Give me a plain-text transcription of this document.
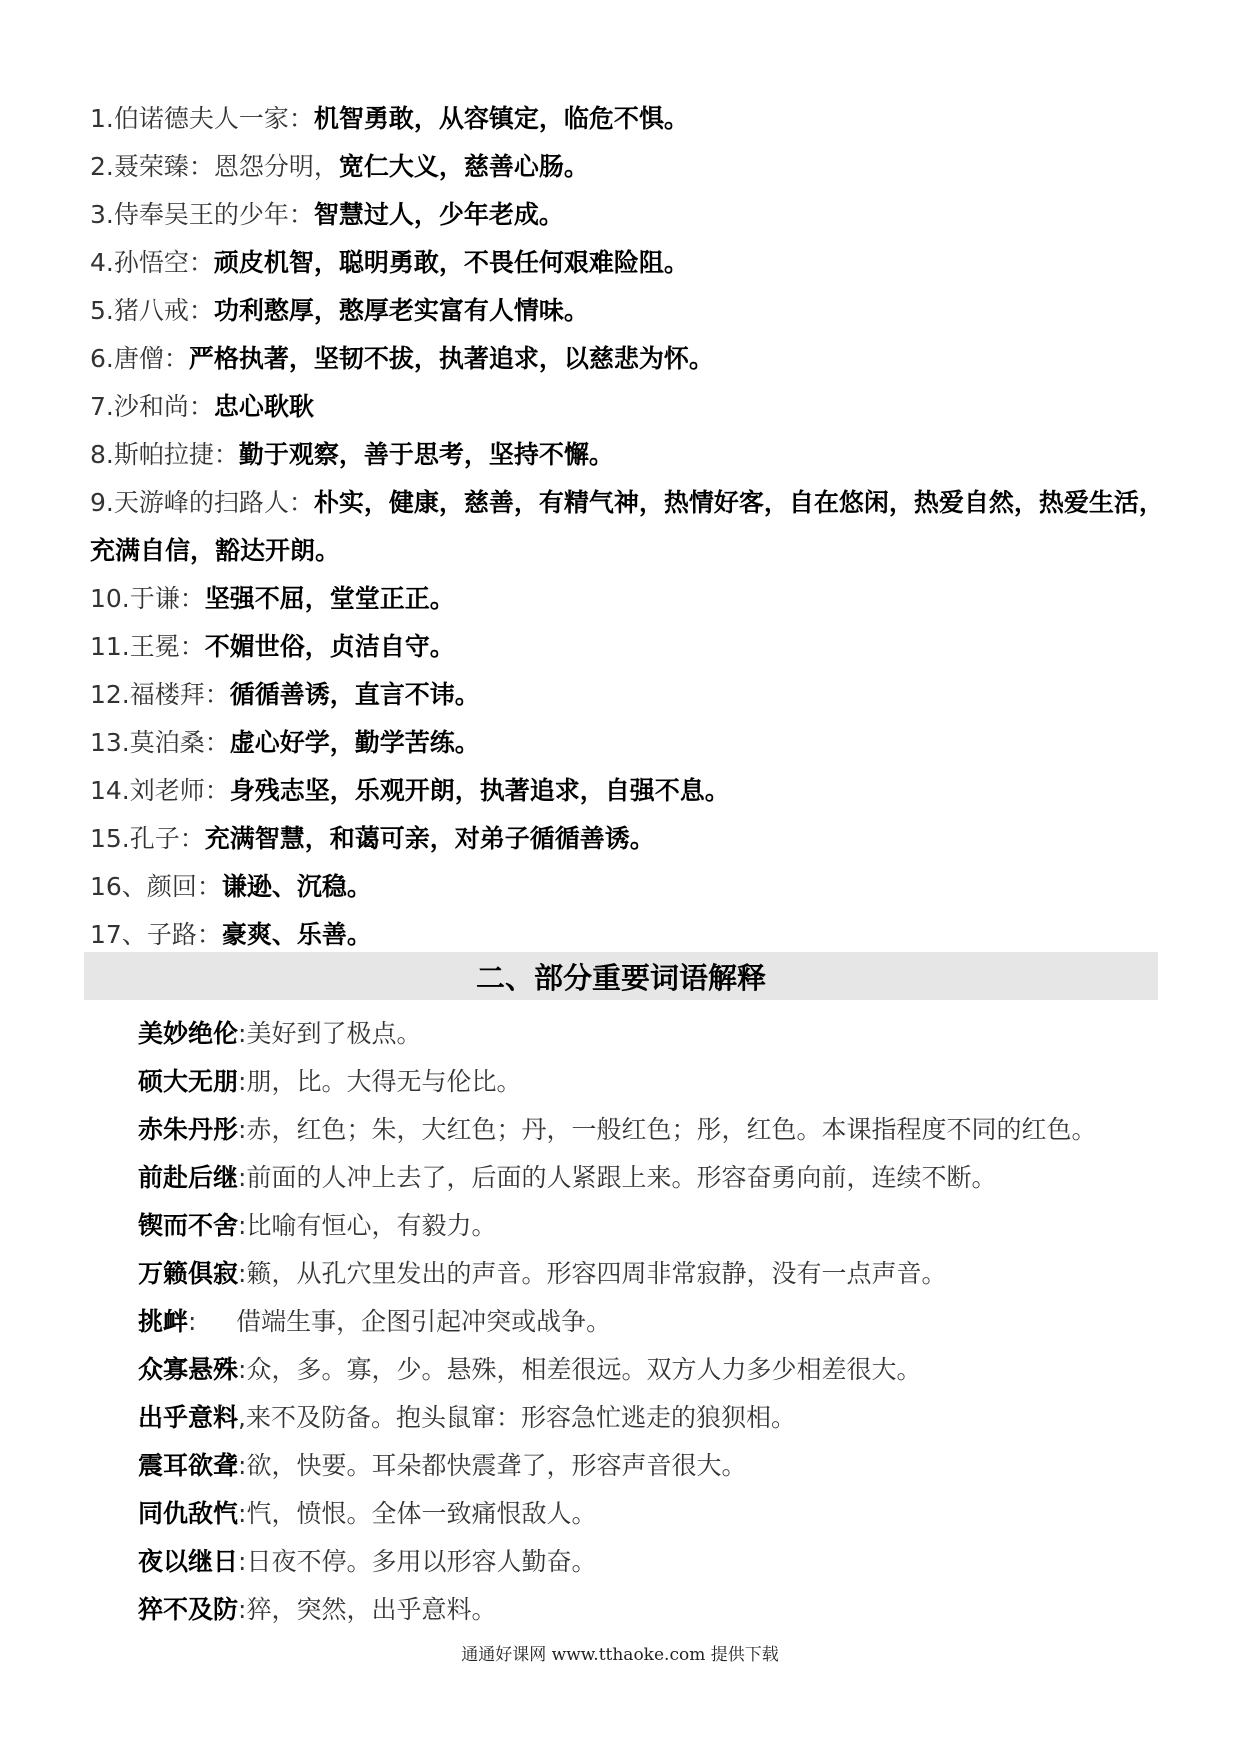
1.伯诺德夫人一家：机智勇敢，从容镇定，临危不惧。
2.聂荣臻：恩怨分明，宽仁大义，慈善心肠。
3.侍奉吴王的少年：智慧过人，少年老成。
4.孙悟空：顽皮机智，聪明勇敢，不畏任何艰难险阻。
5.猪八戒：功利憨厚，憨厚老实富有人情味。
6.唐僧：严格执著，坚韧不拔，执著追求，以慈悲为怀。
7.沙和尚：忠心耿耿
8.斯帕拉捷：勤于观察，善于思考，坚持不懈。
9.天游峰的扫路人：朴实，健康，慈善，有精气神，热情好客，自在悠闲，热爱自然，热爱生活，充满自信，豁达开朗。
10.于谦：坚强不屈，堂堂正正。
11.王冕：不媚世俗，贞洁自守。
12.福楼拜：循循善诱，直言不讳。
13.莫泊桑：虚心好学，勤学苦练。
14.刘老师：身残志坚，乐观开朗，执著追求，自强不息。
15.孔子：充满智慧，和蔼可亲，对弟子循循善诱。
16、颜回：谦逊、沉稳。
17、子路：豪爽、乐善。
二、部分重要词语解释
美妙绝伦:美好到了极点。
硕大无朋:朋，比。大得无与伦比。
赤朱丹彤:赤，红色；朱，大红色；丹，一般红色；彤，红色。本课指程度不同的红色。
前赴后继:前面的人冲上去了，后面的人紧跟上来。形容奋勇向前，连续不断。
锲而不舍:比喻有恒心，有毅力。
万籁俱寂:籁，从孔穴里发出的声音。形容四周非常寂静，没有一点声音。
挑衅:     借端生事，企图引起冲突或战争。
众寡悬殊:众，多。寡，少。悬殊，相差很远。双方人力多少相差很大。
出乎意料,来不及防备。抱头鼠窜：形容急忙逃走的狼狈相。
震耳欲聋:欲，快要。耳朵都快震聋了，形容声音很大。
同仇敌忾:忾，愤恨。全体一致痛恨敌人。
夜以继日:日夜不停。多用以形容人勤奋。
猝不及防:猝，突然，出乎意料。
通通好课网 www.tthaoke.com 提供下载
